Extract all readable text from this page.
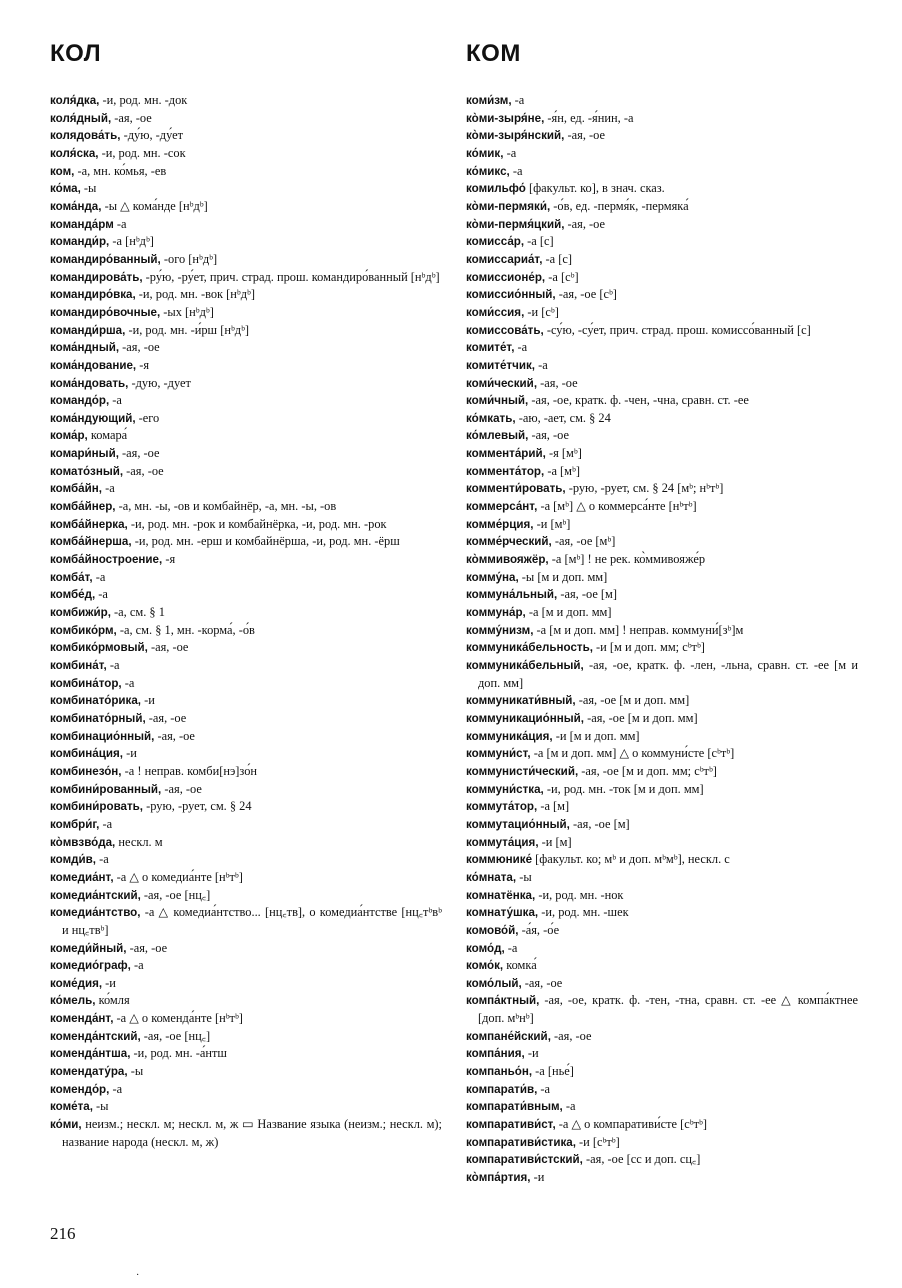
КОЛ	КОМ
коля́дка, -и, род. мн. -док
коля́дный, -ая, -ое
колядова́ть, -ду́ю, -ду́ет
коля́ска, -и, род. мн. -сок
ком, -а, мн. ко́мья, -ев
ко́ма, -ы
кома́нда, -ы △ кома́нде [нᵇдᵇ]
команда́рм -а
команди́р, -а [нᵇдᵇ]
командиро́ванный, -ого [нᵇдᵇ]
командирова́ть, -ру́ю, -ру́ет, прич. страд. прош. командиро́ванный [нᵇдᵇ]
командиро́вка, -и, род. мн. -вок [нᵇдᵇ]
командиро́вочные, -ых [нᵇдᵇ]
команди́рша, -и, род. мн. -и́рш [нᵇдᵇ]
кома́ндный, -ая, -ое
кома́ндование, -я
кома́ндовать, -дую, -дует
командо́р, -а
кома́ндующий, -его
кома́р, комара́
комари́ный, -ая, -ое
комато́зный, -ая, -ое
комба́йн, -а
комба́йнер, -а, мн. -ы, -ов и комбайнёр, -а, мн. -ы, -ов
комба́йнерка, -и, род. мн. -рок и комбайнёрка, -и, род. мн. -рок
комба́йнерша, -и, род. мн. -ерш и комбайнёрша, -и, род. мн. -ёрш
комба́йностроение, -я
комба́т, -а
комбе́д, -а
комбижи́р, -а, см. § 1
комбико́рм, -а, см. § 1, мн. -корма́, -о́в
комбико́рмовый, -ая, -ое
комбина́т, -а
комбина́тор, -а
комбинато́рика, -и
комбинато́рный, -ая, -ое
комбинацио́нный, -ая, -ое
комбина́ция, -и
комбинезо́н, -а ! неправ. комби[нэ]зо́н
комбини́рованный, -ая, -ое
комбини́ровать, -рую, -рует, см. § 24
комбри́г, -а
ко̀мвзво́да, нескл. м
комди́в, -а
комедиа́нт, -а △ о комедиа́нте [нᵇтᵇ]
комедиа́нтский, -ая, -ое [нц꜀]
комедиа́нтство, -а △ комедиа́нтство... [нц꜀тв], о комедиа́нтстве [нц꜀тᵇвᵇ и нц꜀твᵇ]
комеди́йный, -ая, -ое
комедио́граф, -а
коме́дия, -и
ко́мель, ко́мля
коменда́нт, -а △ о коменда́нте [нᵇтᵇ]
коменда́нтский, -ая, -ое [нц꜀]
коменда́нтша, -и, род. мн. -а́нтш
комендату́ра, -ы
комендо́р, -а
коме́та, -ы
ко́ми, неизм.; нескл. м; нескл. м, ж ▭ Название языка (неизм.; нескл. м); название народа (нескл. м, ж)
коми́зм, -а
ко̀ми-зыря́не, -я́н, ед. -я́нин, -а
ко̀ми-зыря́нский, -ая, -ое
ко́мик, -а
ко́микс, -а
комильфо́ [факульт. ко], в знач. сказ.
ко̀ми-пермяки́, -о́в, ед. -пермя́к, -пермяка́
ко̀ми-пермя́цкий, -ая, -ое
комисса́р, -а [с]
комиссариа́т, -а [с]
комиссионе́р, -а [сᵇ]
комиссио́нный, -ая, -ое [сᵇ]
коми́ссия, -и [сᵇ]
комиссова́ть, -су́ю, -су́ет, прич. страд. прош. комиссо́ванный [с]
комите́т, -а
комите́тчик, -а
коми́ческий, -ая, -ое
коми́чный, -ая, -ое, кратк. ф. -чен, -чна, сравн. ст. -ее
ко́мкать, -аю, -ает, см. § 24
ко́млевый, -ая, -ое
коммента́рий, -я [мᵇ]
коммента́тор, -а [мᵇ]
комменти́ровать, -рую, -рует, см. § 24 [мᵇ; нᵇтᵇ]
коммерса́нт, -а [мᵇ] △ о коммерса́нте [нᵇтᵇ]
комме́рция, -и [мᵇ]
комме́рческий, -ая, -ое [мᵇ]
ко̀ммивояжёр, -а [мᵇ] ! не рек. ко̀ммивояже́р
комму́на, -ы [м и доп. мм]
коммуна́льный, -ая, -ое [м]
коммуна́р, -а [м и доп. мм]
комму́низм, -а [м и доп. мм] ! неправ. коммуни́[зᵇ]м
коммуника́бельность, -и [м и доп. мм; сᵇтᵇ]
коммуника́бельный, -ая, -ое, кратк. ф. -лен, -льна, сравн. ст. -ее [м и доп. мм]
коммуникати́вный, -ая, -ое [м и доп. мм]
коммуникацио́нный, -ая, -ое [м и доп. мм]
коммуника́ция, -и [м и доп. мм]
коммуни́ст, -а [м и доп. мм] △ о коммуни́сте [сᵇтᵇ]
коммунисти́ческий, -ая, -ое [м и доп. мм; сᵇтᵇ]
коммуни́стка, -и, род. мн. -ток [м и доп. мм]
коммута́тор, -а [м]
коммутацио́нный, -ая, -ое [м]
коммута́ция, -и [м]
коммюнике́ [факульт. ко; мᵇ и доп. мᵇмᵇ], нескл. с
ко́мната, -ы
комнатёнка, -и, род. мн. -нок
комнату́шка, -и, род. мн. -шек
комово́й, -а́я, -о́е
комо́д, -а
комо́к, комка́
комо́лый, -ая, -ое
компа́ктный, -ая, -ое, кратк. ф. -тен, -тна, сравн. ст. -ее △ компа́ктнее [доп. мᵇнᵇ]
компане́йский, -ая, -ое
компа́ния, -и
компаньо́н, -а [нье́]
компарати́в, -а
компарати́вным, -а
компаративи́ст, -а △ о компаративи́сте [сᵇтᵇ]
компаративи́стика, -и [сᵇтᵇ]
компаративи́стский, -ая, -ое [сс и доп. сц꜀]
ко̀мпа́ртия, -и
216
·
